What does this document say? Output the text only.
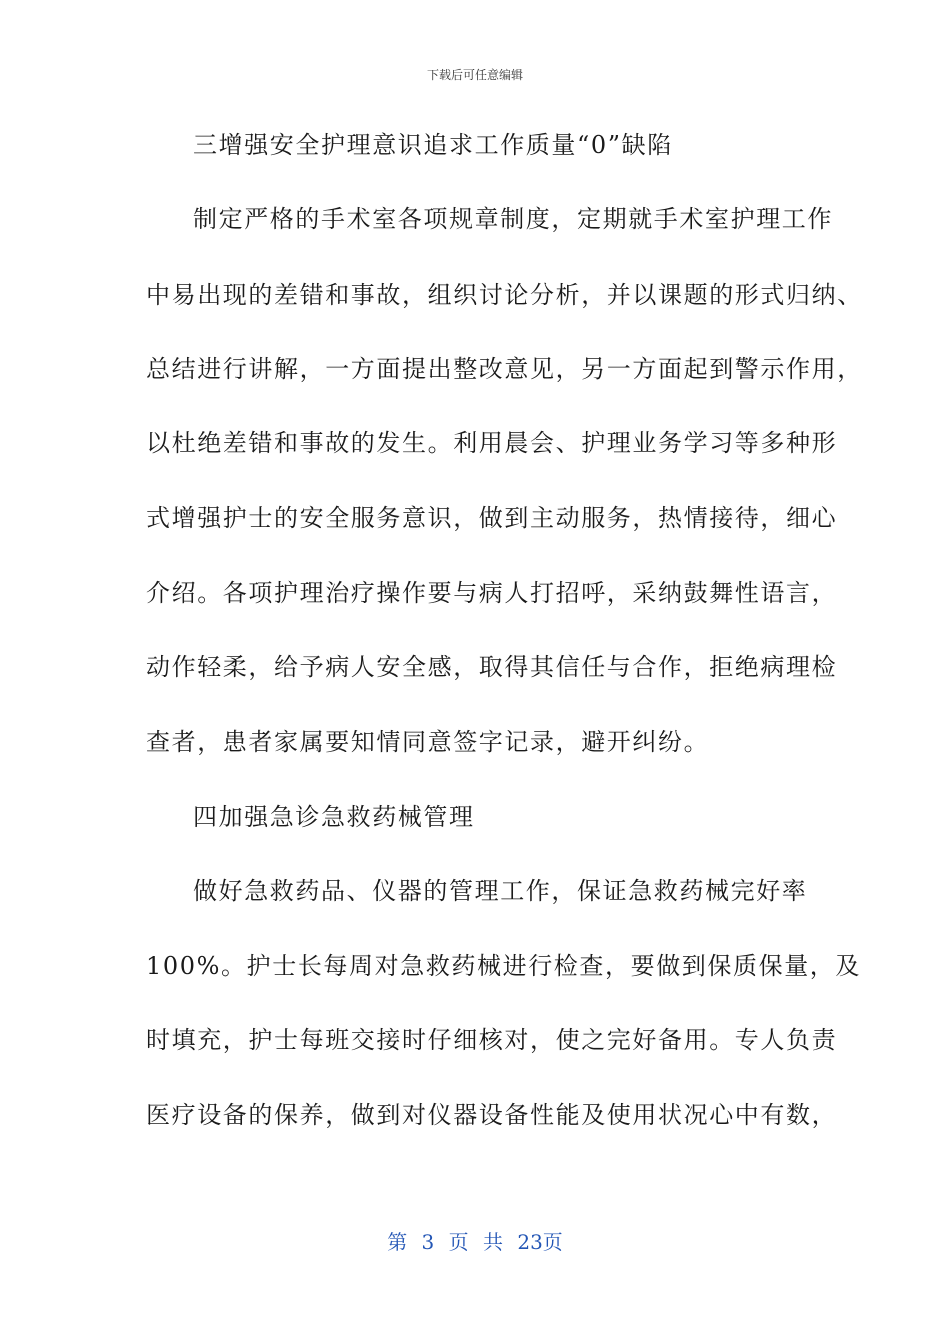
下载后可任意编辑
三增强安全护理意识追求工作质量“0”缺陷
制定严格的手术室各项规章制度，定期就手术室护理工作
中易出现的差错和事故，组织讨论分析，并以课题的形式归纳、
总结进行讲解，一方面提出整改意见，另一方面起到警示作用，
以杜绝差错和事故的发生。利用晨会、护理业务学习等多种形
式增强护士的安全服务意识，做到主动服务，热情接待，细心
介绍。各项护理治疗操作要与病人打招呼，采纳鼓舞性语言，
动作轻柔，给予病人安全感，取得其信任与合作，拒绝病理检
查者，患者家属要知情同意签字记录，避开纠纷。
四加强急诊急救药械管理
做好急救药品、仪器的管理工作，保证急救药械完好率
100%。护士长每周对急救药械进行检查，要做到保质保量，及
时填充，护士每班交接时仔细核对，使之完好备用。专人负责
医疗设备的保养，做到对仪器设备性能及使用状况心中有数，
第 3 页 共 23页
